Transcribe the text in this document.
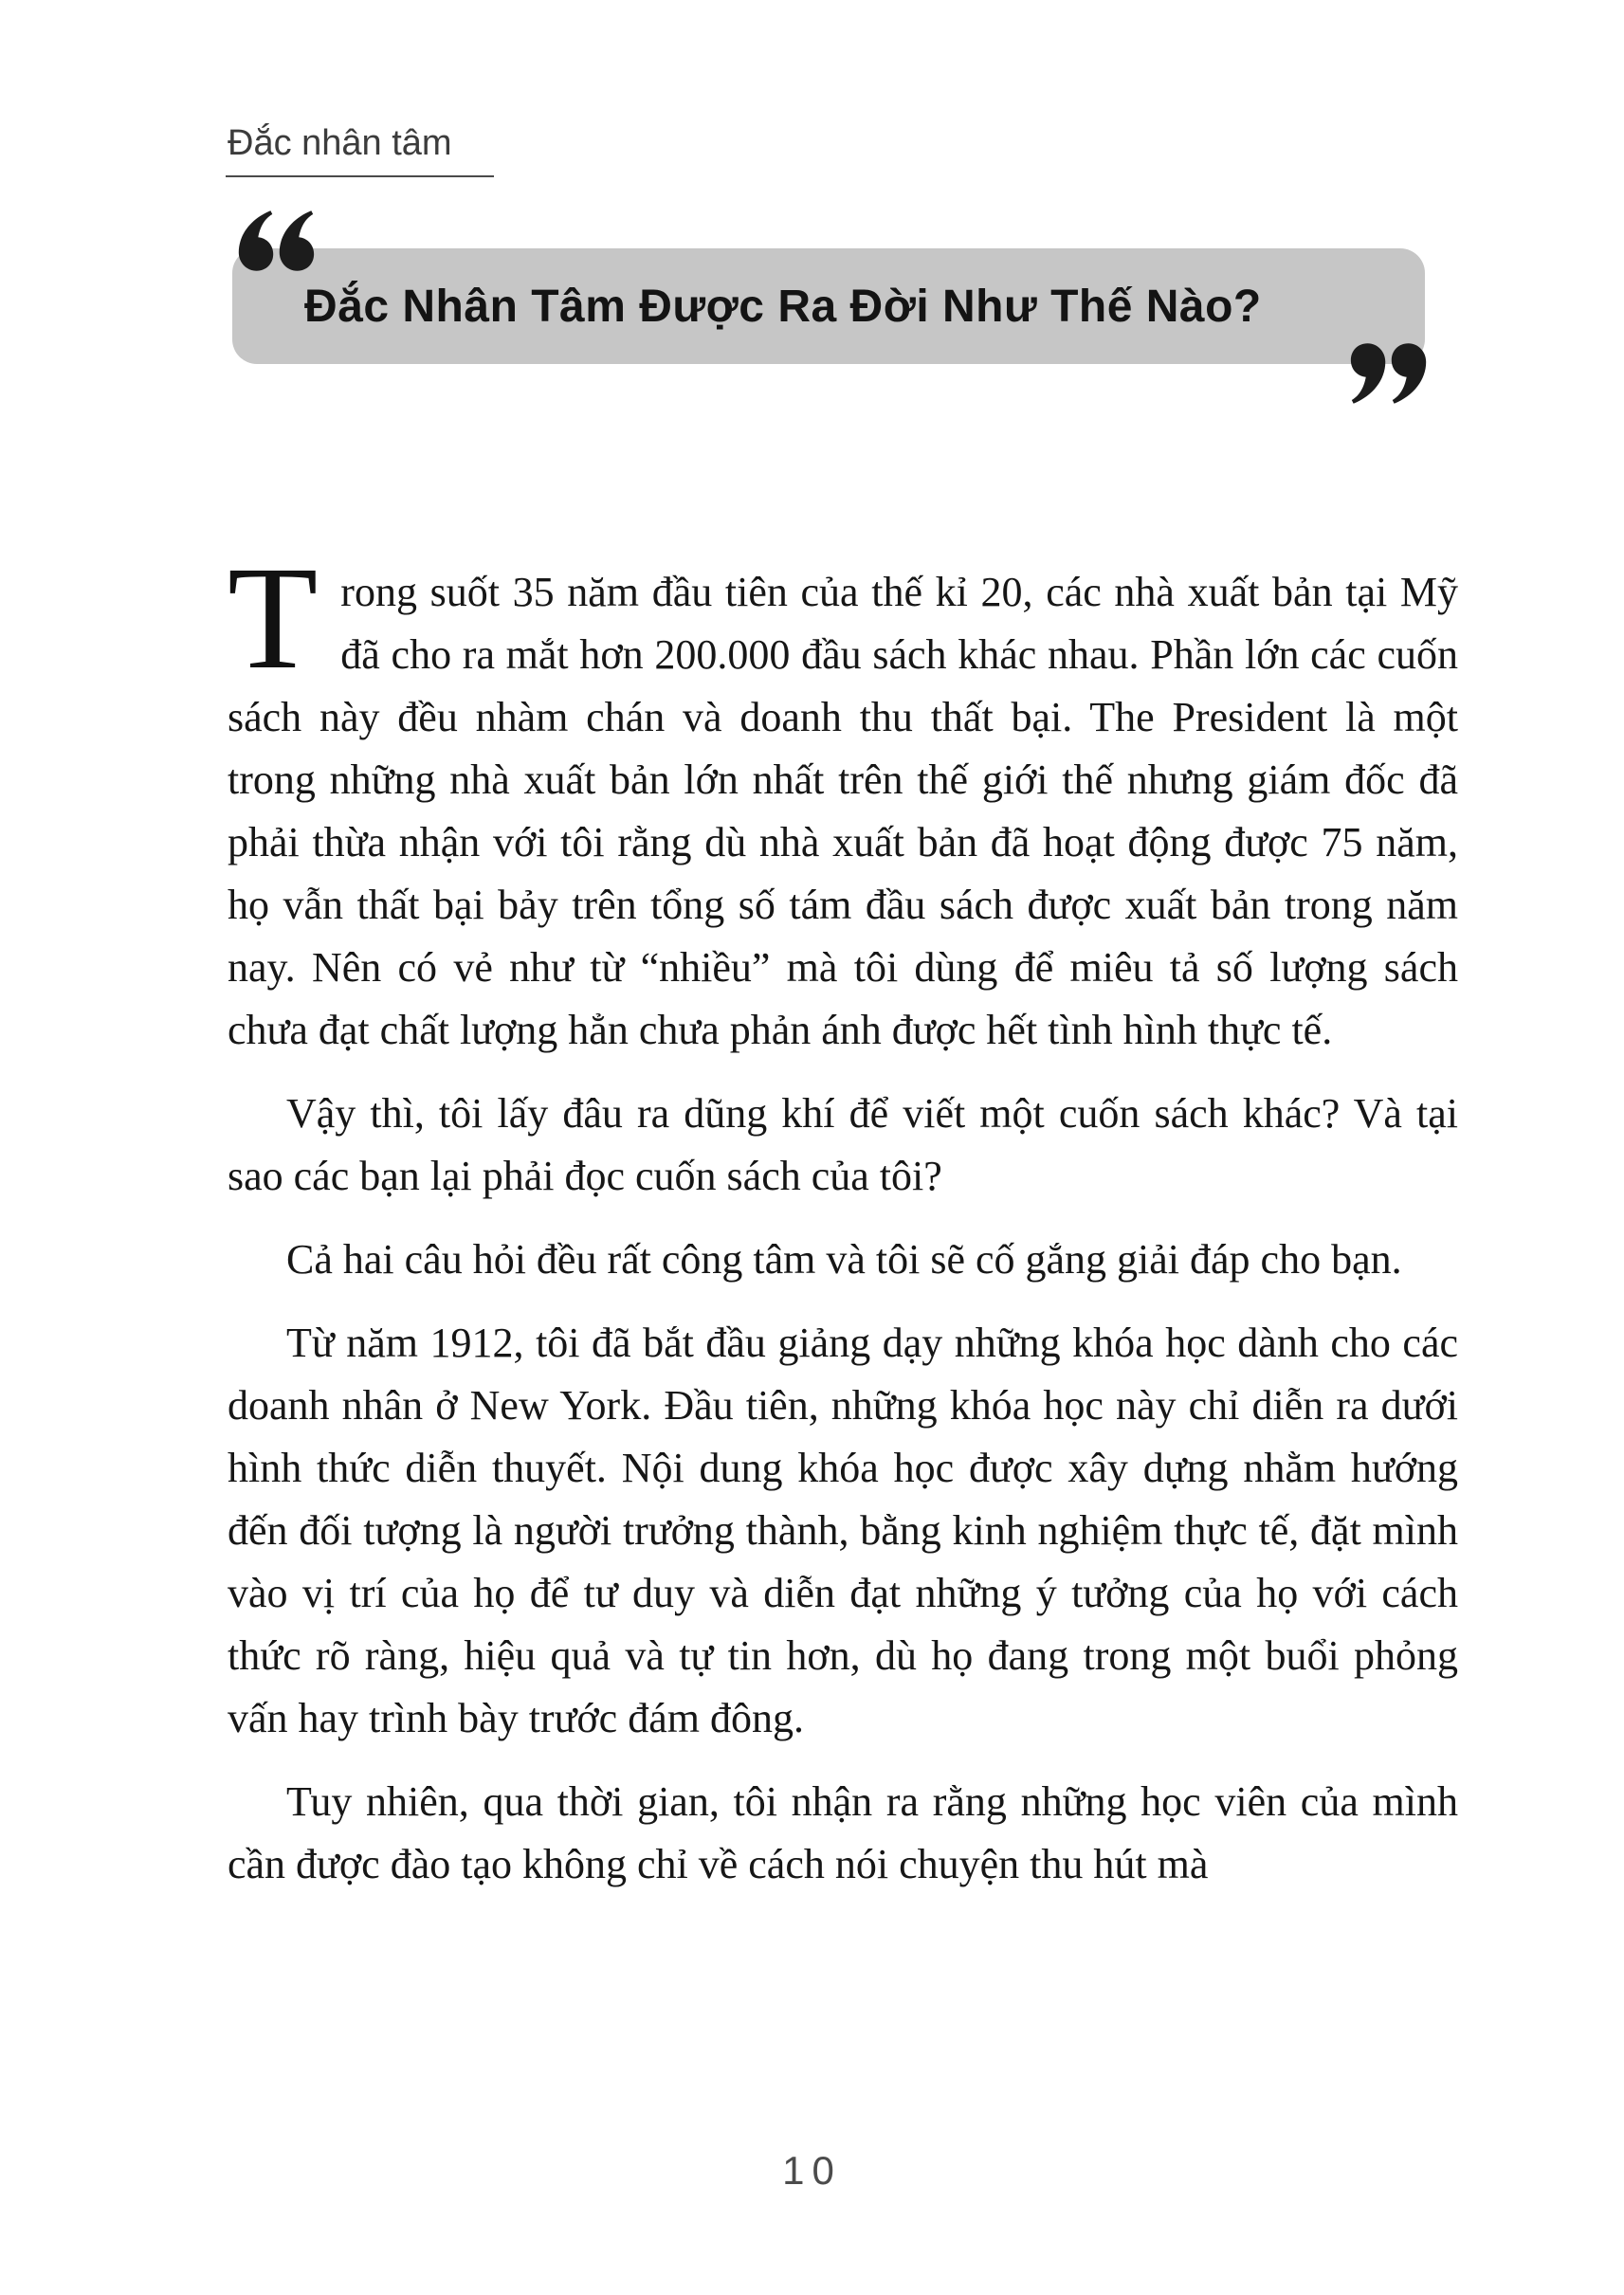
Đắc nhân tâm
Đắc Nhân Tâm Được Ra Đời Như Thế Nào?

Trong suốt 35 năm đầu tiên của thế kỉ 20, các nhà xuất bản tại Mỹ đã cho ra mắt hơn 200.000 đầu sách khác nhau. Phần lớn các cuốn sách này đều nhàm chán và doanh thu thất bại. The President là một trong những nhà xuất bản lớn nhất trên thế giới thế nhưng giám đốc đã phải thừa nhận với tôi rằng dù nhà xuất bản đã hoạt động được 75 năm, họ vẫn thất bại bảy trên tổng số tám đầu sách được xuất bản trong năm nay. Nên có vẻ như từ “nhiều” mà tôi dùng để miêu tả số lượng sách chưa đạt chất lượng hẳn chưa phản ánh được hết tình hình thực tế.

Vậy thì, tôi lấy đâu ra dũng khí để viết một cuốn sách khác? Và tại sao các bạn lại phải đọc cuốn sách của tôi?

Cả hai câu hỏi đều rất công tâm và tôi sẽ cố gắng giải đáp cho bạn.

Từ năm 1912, tôi đã bắt đầu giảng dạy những khóa học dành cho các doanh nhân ở New York. Đầu tiên, những khóa học này chỉ diễn ra dưới hình thức diễn thuyết. Nội dung khóa học được xây dựng nhằm hướng đến đối tượng là người trưởng thành, bằng kinh nghiệm thực tế, đặt mình vào vị trí của họ để tư duy và diễn đạt những ý tưởng của họ với cách thức rõ ràng, hiệu quả và tự tin hơn, dù họ đang trong một buổi phỏng vấn hay trình bày trước đám đông.

Tuy nhiên, qua thời gian, tôi nhận ra rằng những học viên của mình cần được đào tạo không chỉ về cách nói chuyện thu hút mà

10
